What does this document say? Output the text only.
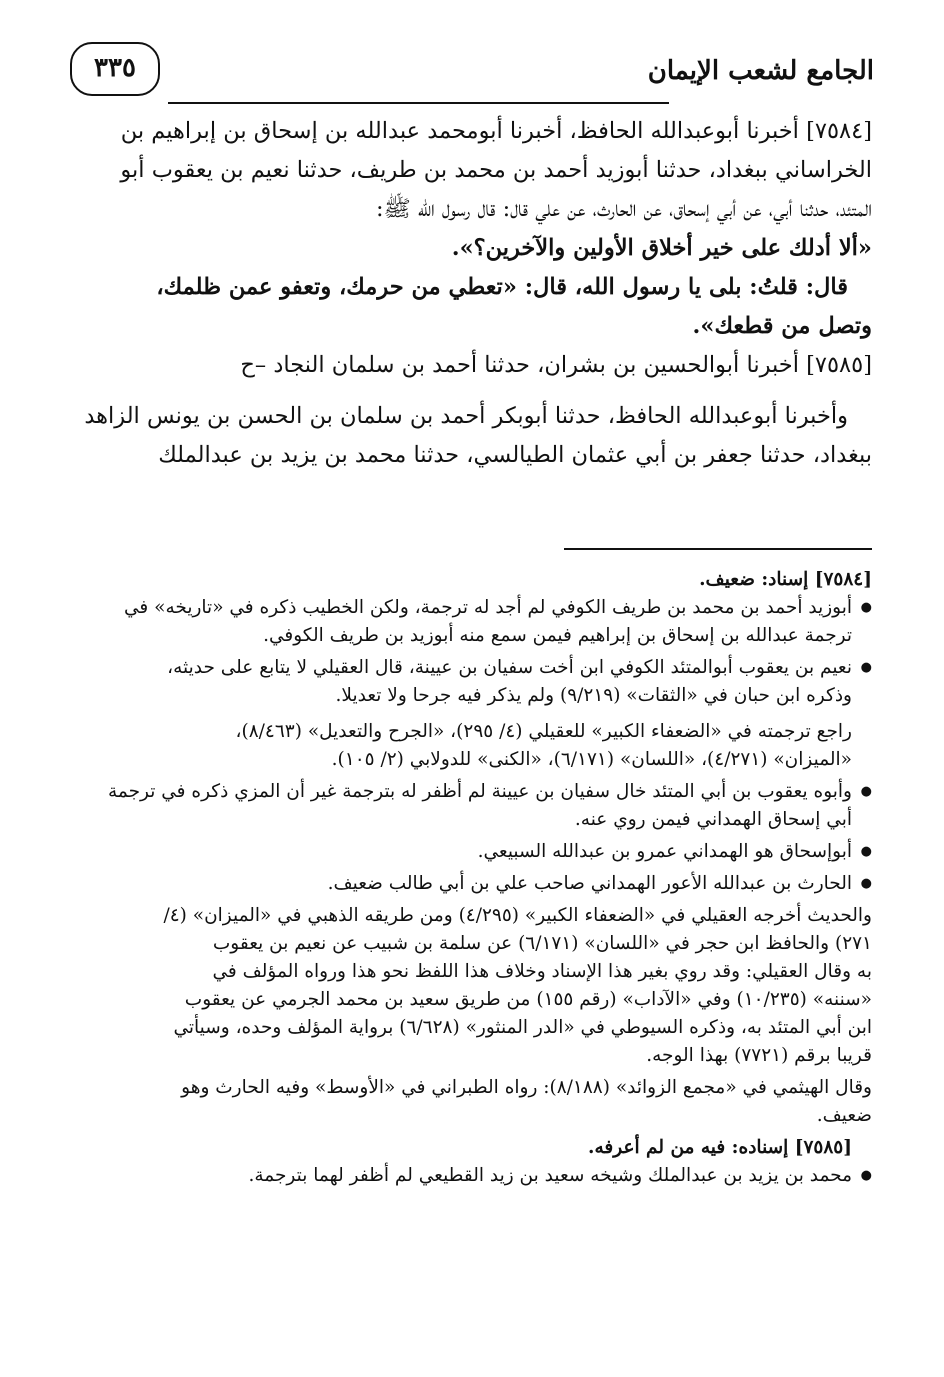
الجامع لشعب الإيمان
٣٣٥
[٧٥٨٤] أخبرنا أبوعبدالله الحافظ، أخبرنا أبومحمد عبدالله بن إسحاق بن إبراهيم بن
الخراساني ببغداد، حدثنا أبوزيد أحمد بن محمد بن طريف، حدثنا نعيم بن يعقوب أبو
المتئد، حدثنا أبي، عن أبي إسحاق، عن الحارث، عن علي قال: قال رسول الله ﷺ:
«ألا أدلك على خير أخلاق الأولين والآخرين؟».
قال: قلتُ: بلى يا رسول الله، قال: «تعطي من حرمك، وتعفو عمن ظلمك،
وتصل من قطعك».
[٧٥٨٥] أخبرنا أبوالحسين بن بشران، حدثنا أحمد بن سلمان النجاد –ح
وأخبرنا أبوعبدالله الحافظ، حدثنا أبوبكر أحمد بن سلمان بن الحسن بن يونس الزاهد
ببغداد، حدثنا جعفر بن أبي عثمان الطيالسي، حدثنا محمد بن يزيد بن عبدالملك
[٧٥٨٤] إسناد: ضعيف.
● أبوزيد أحمد بن محمد بن طريف الكوفي لم أجد له ترجمة، ولكن الخطيب ذكره في «تاريخه» في
ترجمة عبدالله بن إسحاق بن إبراهيم فيمن سمع منه أبوزيد بن طريف الكوفي.
● نعيم بن يعقوب أبوالمتئد الكوفي ابن أخت سفيان بن عيينة، قال العقيلي لا يتابع على حديثه،
وذكره ابن حبان في «الثقات» (٩/٢١٩) ولم يذكر فيه جرحا ولا تعديلا.
راجع ترجمته في «الضعفاء الكبير» للعقيلي (٤/ ٢٩٥)، «الجرح والتعديل» (٨/٤٦٣)،
«الميزان» (٤/٢٧١)، «اللسان» (٦/١٧١)، «الكنى» للدولابي (٢/ ١٠٥).
● وأبوه يعقوب بن أبي المتئد خال سفيان بن عيينة لم أظفر له بترجمة غير أن المزي ذكره في ترجمة
أبي إسحاق الهمداني فيمن روي عنه.
● أبوإسحاق هو الهمداني عمرو بن عبدالله السبيعي.
● الحارث بن عبدالله الأعور الهمداني صاحب علي بن أبي طالب ضعيف.
والحديث أخرجه العقيلي في «الضعفاء الكبير» (٤/٢٩٥) ومن طريقه الذهبي في «الميزان» (٤/
٢٧١) والحافظ ابن حجر في «اللسان» (٦/١٧١) عن سلمة بن شبيب عن نعيم بن يعقوب
به وقال العقيلي: وقد روي بغير هذا الإسناد وخلاف هذا اللفظ نحو هذا ورواه المؤلف في
«سننه» (١٠/٢٣٥) وفي «الآداب» (رقم ١٥٥) من طريق سعيد بن محمد الجرمي عن يعقوب
ابن أبي المتئد به، وذكره السيوطي في «الدر المنثور» (٦/٦٢٨) برواية المؤلف وحده، وسيأتي
قريبا برقم (٧٧٢١) بهذا الوجه.
وقال الهيثمي في «مجمع الزوائد» (٨/١٨٨): رواه الطبراني في «الأوسط» وفيه الحارث وهو
ضعيف.
[٧٥٨٥] إسناده: فيه من لم أعرفه.
● محمد بن يزيد بن عبدالملك وشيخه سعيد بن زيد القطيعي لم أظفر لهما بترجمة.
